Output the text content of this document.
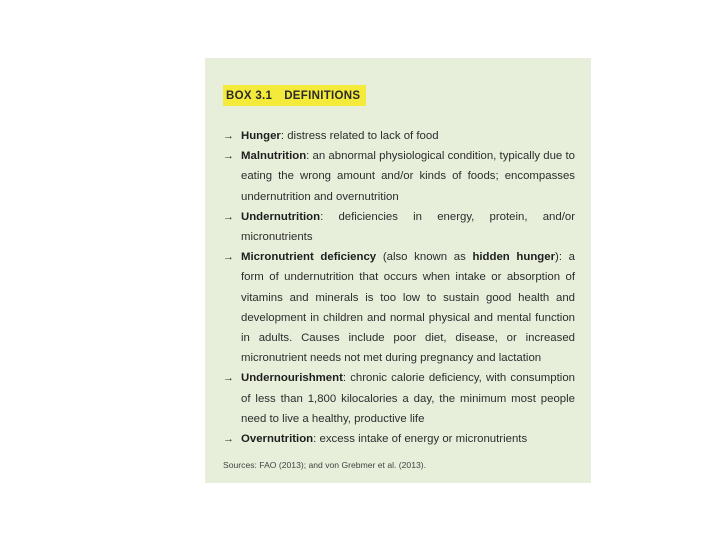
BOX 3.1 DEFINITIONS
→ Hunger: distress related to lack of food
→ Malnutrition: an abnormal physiological condition, typically due to eating the wrong amount and/or kinds of foods; encompasses undernutrition and overnutrition
→ Undernutrition: deficiencies in energy, protein, and/or micronutrients
→ Micronutrient deficiency (also known as hidden hunger): a form of undernutrition that occurs when intake or absorption of vitamins and minerals is too low to sustain good health and development in children and normal physical and mental function in adults. Causes include poor diet, disease, or increased micronutrient needs not met during pregnancy and lactation
→ Undernourishment: chronic calorie deficiency, with consumption of less than 1,800 kilocalories a day, the minimum most people need to live a healthy, productive life
→ Overnutrition: excess intake of energy or micronutrients
Sources: FAO (2013); and von Grebmer et al. (2013).
